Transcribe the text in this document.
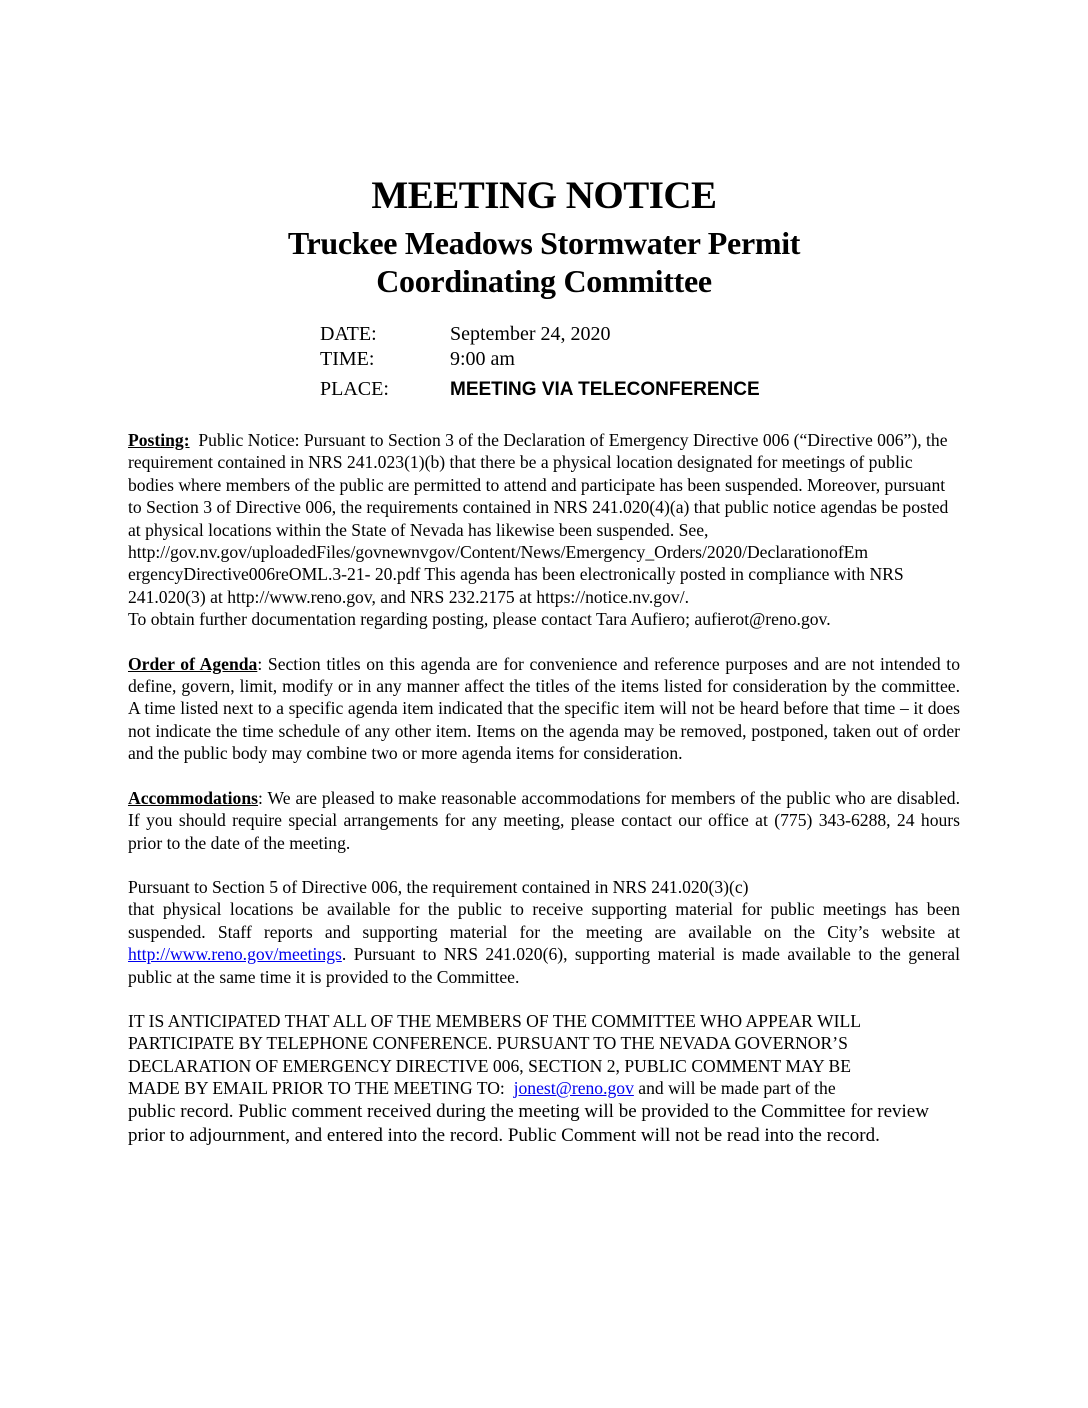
MEETING NOTICE
Truckee Meadows Stormwater Permit
Coordinating Committee
DATE:	September 24, 2020
TIME:	9:00 am
PLACE:	MEETING VIA TELECONFERENCE
Posting: Public Notice: Pursuant to Section 3 of the Declaration of Emergency Directive 006 (“Directive 006”), the requirement contained in NRS 241.023(1)(b) that there be a physical location designated for meetings of public bodies where members of the public are permitted to attend and participate has been suspended. Moreover, pursuant to Section 3 of Directive 006, the requirements contained in NRS 241.020(4)(a) that public notice agendas be posted at physical locations within the State of Nevada has likewise been suspended. See,
http://gov.nv.gov/uploadedFiles/govnewnvgov/Content/News/Emergency_Orders/2020/DeclarationofEm
ergencyDirective006reOML.3-21- 20.pdf This agenda has been electronically posted in compliance with NRS 241.020(3) at http://www.reno.gov, and NRS 232.2175 at https://notice.nv.gov/.
To obtain further documentation regarding posting, please contact Tara Aufiero; aufierot@reno.gov.
Order of Agenda: Section titles on this agenda are for convenience and reference purposes and are not intended to define, govern, limit, modify or in any manner affect the titles of the items listed for consideration by the committee. A time listed next to a specific agenda item indicated that the specific item will not be heard before that time – it does not indicate the time schedule of any other item. Items on the agenda may be removed, postponed, taken out of order and the public body may combine two or more agenda items for consideration.
Accommodations: We are pleased to make reasonable accommodations for members of the public who are disabled. If you should require special arrangements for any meeting, please contact our office at (775) 343-6288, 24 hours prior to the date of the meeting.
Pursuant to Section 5 of Directive 006, the requirement contained in NRS 241.020(3)(c)
that physical locations be available for the public to receive supporting material for public meetings has been suspended. Staff reports and supporting material for the meeting are available on the City’s website at http://www.reno.gov/meetings. Pursuant to NRS 241.020(6), supporting material is made available to the general public at the same time it is provided to the Committee.
IT IS ANTICIPATED THAT ALL OF THE MEMBERS OF THE COMMITTEE WHO APPEAR WILL
PARTICIPATE BY TELEPHONE CONFERENCE. PURSUANT TO THE NEVADA GOVERNOR’S
DECLARATION OF EMERGENCY DIRECTIVE 006, SECTION 2, PUBLIC COMMENT MAY BE
MADE BY EMAIL PRIOR TO THE MEETING TO:  jonest@reno.gov and will be made part of the
public record. Public comment received during the meeting will be provided to the Committee for review prior to adjournment, and entered into the record. Public Comment will not be read into the record.
